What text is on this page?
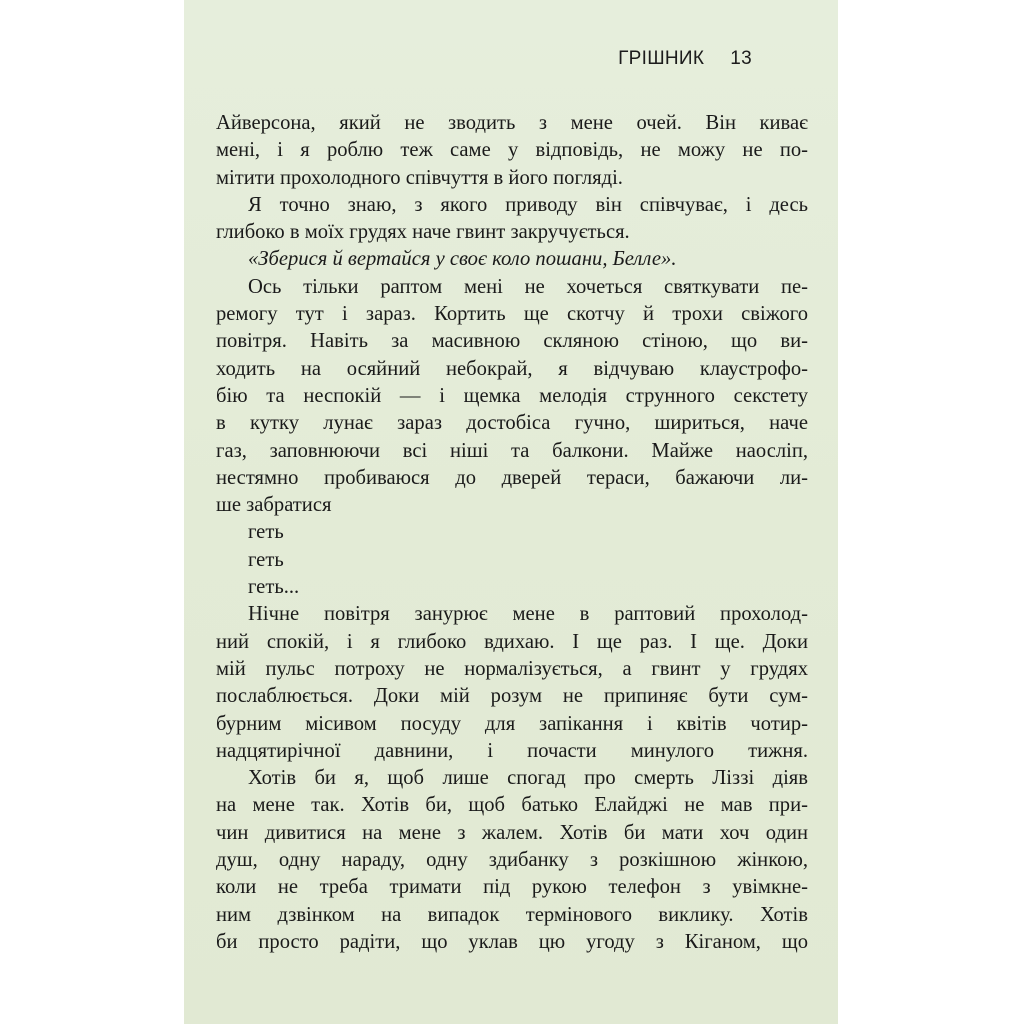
ГРІШНИК 13
Айверсона, який не зводить з мене очей. Він киває
мені, і я роблю теж саме у відповідь, не можу не по-
мітити прохолодного співчуття в його погляді.
Я точно знаю, з якого приводу він співчуває, і десь
глибоко в моїх грудях наче гвинт закручується.
«Зберися й вертайся у своє коло пошани, Белле».
Ось тільки раптом мені не хочеться святкувати пе-
ремогу тут і зараз. Кортить ще скотчу й трохи свіжого
повітря. Навіть за масивною скляною стіною, що ви-
ходить на осяйний небокрай, я відчуваю клаустрофо-
бію та неспокій — і щемка мелодія струнного секстету
в кутку лунає зараз достобіса гучно, шириться, наче
газ, заповнюючи всі ніші та балкони. Майже наосліп,
нестямно пробиваюся до дверей тераси, бажаючи ли-
ше забратися
геть
геть
геть...
Нічне повітря занурює мене в раптовий прохолод-
ний спокій, і я глибоко вдихаю. І ще раз. І ще. Доки
мій пульс потроху не нормалізується, а гвинт у грудях
послаблюється. Доки мій розум не припиняє бути сум-
бурним місивом посуду для запікання і квітів чотир-
надцятирічної давнини, і почасти минулого тижня.
Хотів би я, щоб лише спогад про смерть Ліззі діяв
на мене так. Хотів би, щоб батько Елайджі не мав при-
чин дивитися на мене з жалем. Хотів би мати хоч один
душ, одну нараду, одну здибанку з розкішною жінкою,
коли не треба тримати під рукою телефон з увімкне-
ним дзвінком на випадок термінового виклику. Хотів
би просто радіти, що уклав цю угоду з Кіганом, що
